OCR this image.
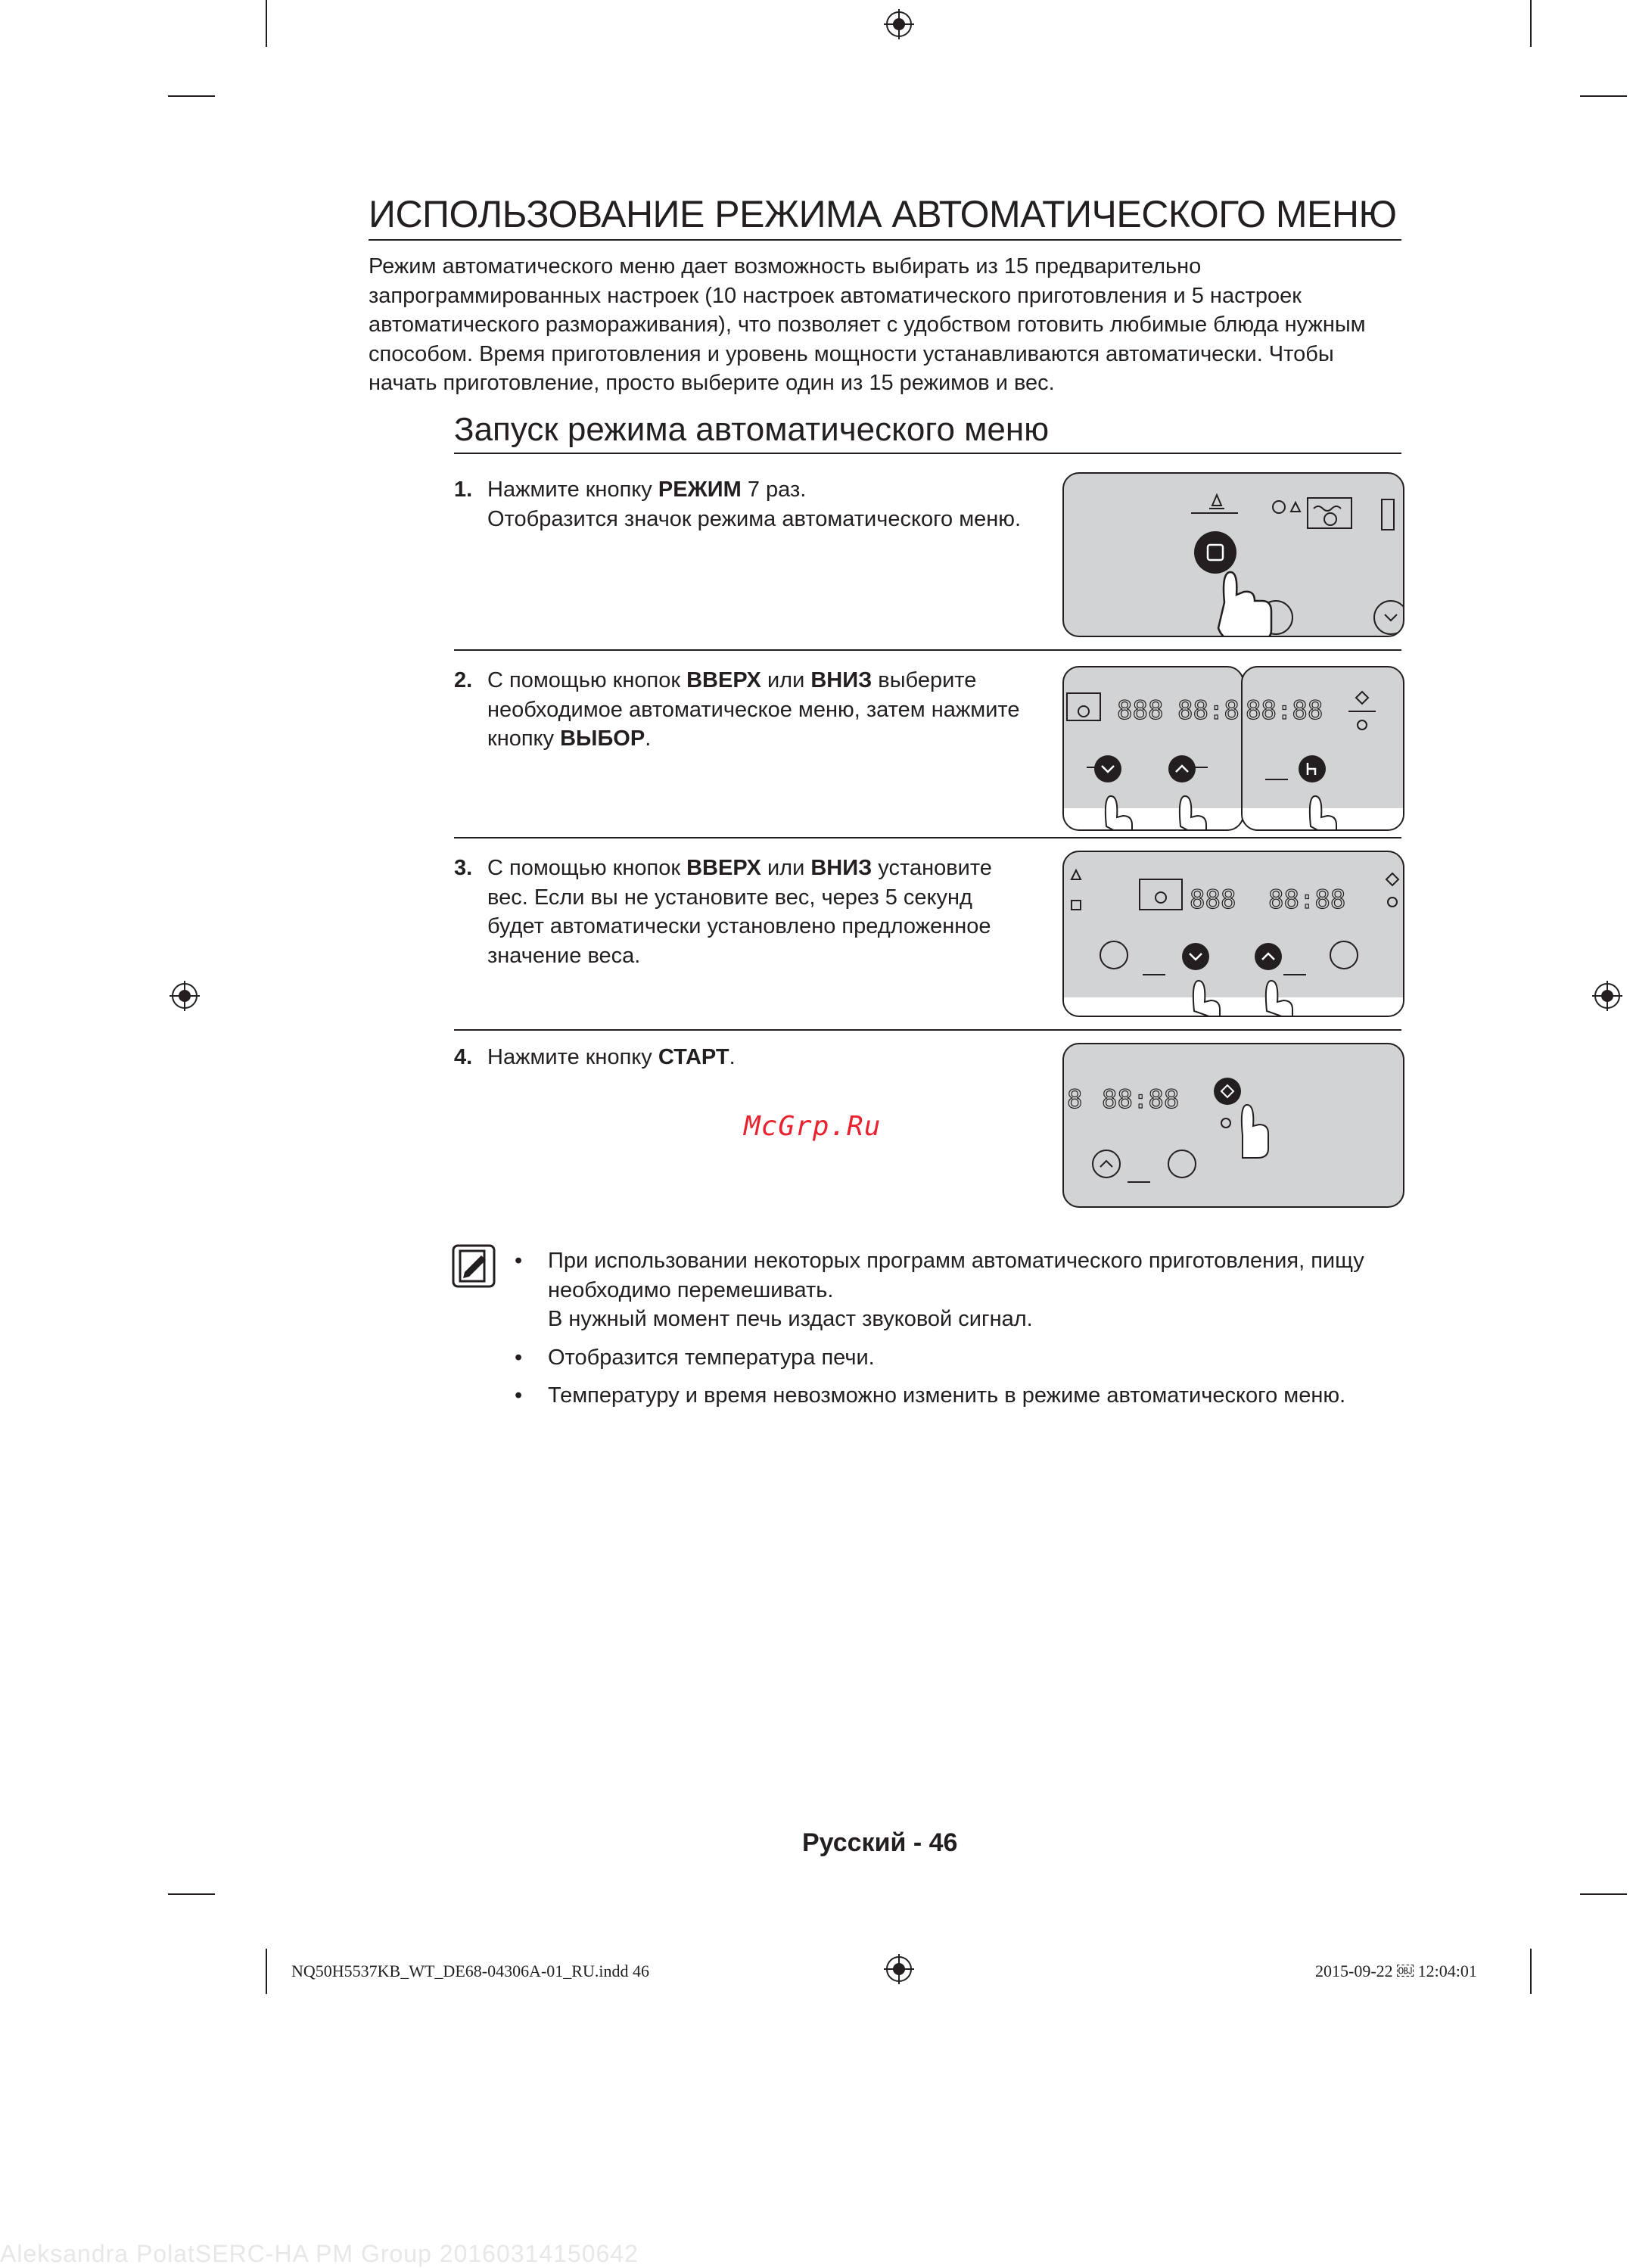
ИСПОЛЬЗОВАНИЕ РЕЖИМА АВТОМАТИЧЕСКОГО МЕНЮ

Режим автоматического меню дает возможность выбирать из 15 предварительно запрограммированных настроек (10 настроек автоматического приготовления и 5 настроек автоматического размораживания), что позволяет с удобством готовить любимые блюда нужным способом. Время приготовления и уровень мощности устанавливаются автоматически. Чтобы начать приготовление, просто выберите один из 15 режимов и вес.

Запуск режима автоматического меню
1. Нажмите кнопку РЕЖИМ 7 раз.
Отобразится значок режима автоматического меню.
2. С помощью кнопок ВВЕРХ или ВНИЗ выберите необходимое автоматическое меню, затем нажмите кнопку ВЫБОР.
888 88:8 88:88
3. С помощью кнопок ВВЕРХ или ВНИЗ установите вес. Если вы не установите вес, через 5 секунд будет автоматически установлено предложенное значение веса.
888 88:88
4. Нажмите кнопку СТАРТ.
8 88:88
McGrp.Ru
• При использовании некоторых программ автоматического приготовления, пищу необходимо перемешивать.
В нужный момент печь издаст звуковой сигнал.
• Отобразится температура печи.
• Температуру и время невозможно изменить в режиме автоматического меню.
Русский - 46
NQ50H5537KB_WT_DE68-04306A-01_RU.indd 46	2015-09-22 ￼ 12:04:01
Aleksandra PolatSERC-HA PM Group 20160314150642
